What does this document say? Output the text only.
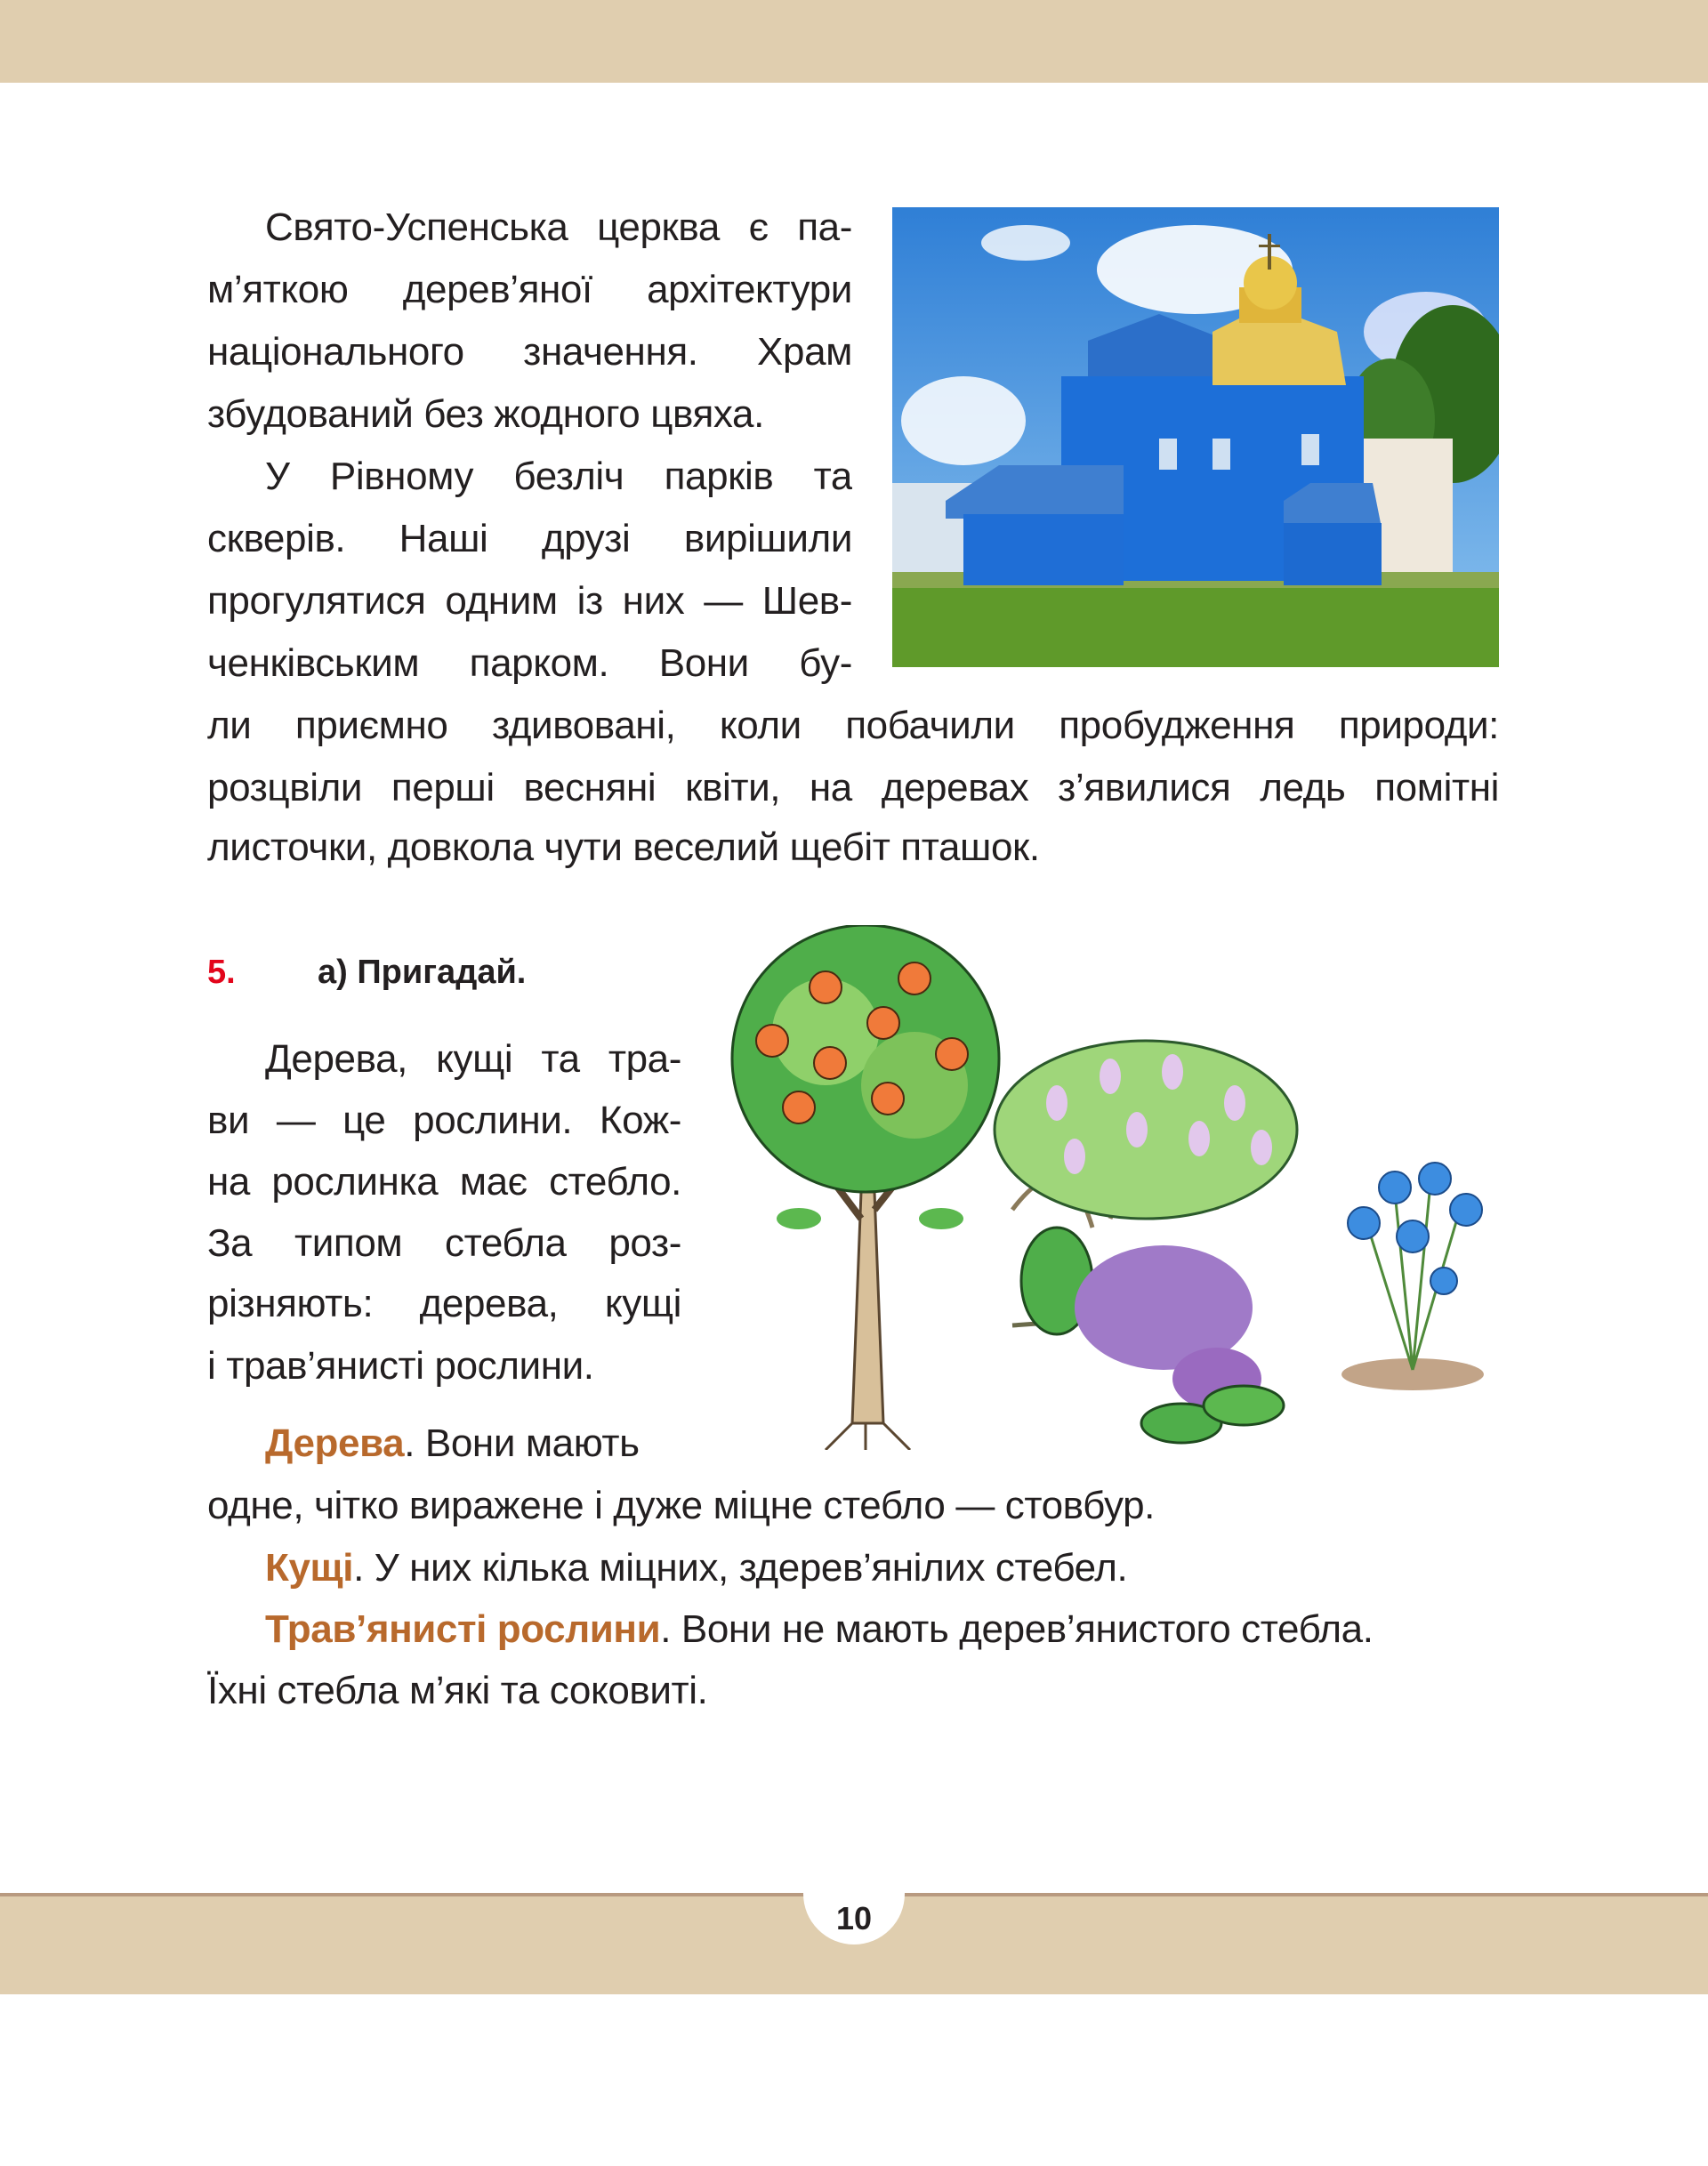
Свято-Успенська церква є па-
м’яткою дерев’яної архітектури
національного значення. Храм
збудований без жодного цвяха.
У Рівному безліч парків та
скверів. Наші друзі вирішили
прогулятися одним із них — Шев-
ченківським парком. Вони бу-
ли приємно здивовані, коли побачили пробудження природи:
розцвіли перші весняні квіти, на деревах з’явилися ледь помітні
листочки, довкола чути веселий щебіт пташок.
5. а) Пригадай.
Дерева, кущі та тра-
ви — це рослини. Кож-
на рослинка має стебло.
За типом стебла роз-
різняють: дерева, кущі
і трав’янисті рослини.
Дерева. Вони мають
одне, чітко виражене і дуже міцне стебло — стовбур.
Кущі. У них кілька міцних, здерев’янілих стебел.
Трав’янисті рослини. Вони не мають дерев’янистого стебла.
Їхні стебла м’які та соковиті.
10
